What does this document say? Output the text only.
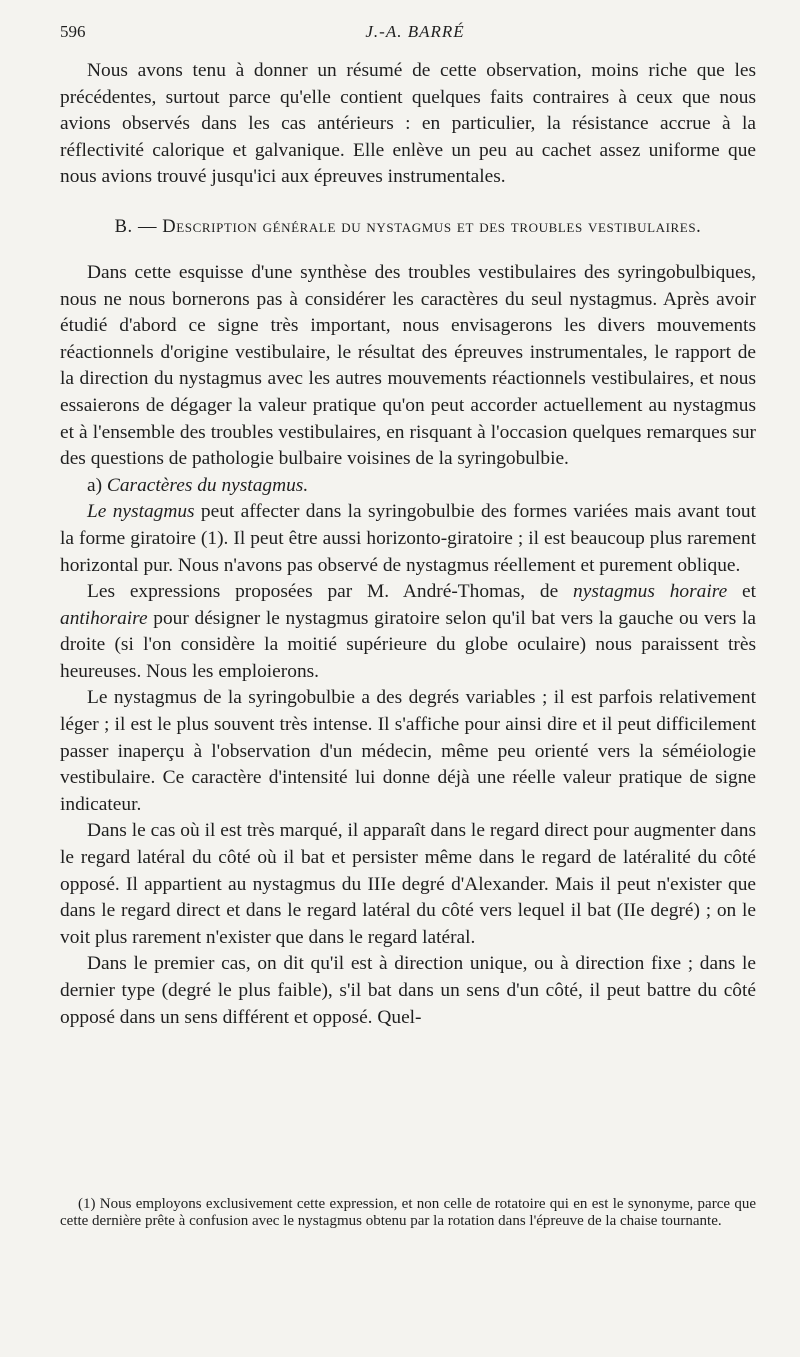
596	J.-A. BARRÉ

Nous avons tenu à donner un résumé de cette observation, moins riche que les précédentes, surtout parce qu'elle contient quelques faits contraires à ceux que nous avions observés dans les cas antérieurs : en particulier, la résistance accrue à la réflectivité calorique et galvanique. Elle enlève un peu au cachet assez uniforme que nous avions trouvé jusqu'ici aux épreuves instrumentales.

B. — Description générale du nystagmus et des troubles vestibulaires.

Dans cette esquisse d'une synthèse des troubles vestibulaires des syringobulbiques, nous ne nous bornerons pas à considérer les caractères du seul nystagmus. Après avoir étudié d'abord ce signe très important, nous envisagerons les divers mouvements réactionnels d'origine vestibulaire, le résultat des épreuves instrumentales, le rapport de la direction du nystagmus avec les autres mouvements réactionnels vestibulaires, et nous essaierons de dégager la valeur pratique qu'on peut accorder actuellement au nystagmus et à l'ensemble des troubles vestibulaires, en risquant à l'occasion quelques remarques sur des questions de pathologie bulbaire voisines de la syringobulbie.

a) Caractères du nystagmus.

Le nystagmus peut affecter dans la syringobulbie des formes variées mais avant tout la forme giratoire (1). Il peut être aussi horizonto-giratoire ; il est beaucoup plus rarement horizontal pur. Nous n'avons pas observé de nystagmus réellement et purement oblique.

Les expressions proposées par M. André-Thomas, de nystagmus horaire et antihoraire pour désigner le nystagmus giratoire selon qu'il bat vers la gauche ou vers la droite (si l'on considère la moitié supérieure du globe oculaire) nous paraissent très heureuses. Nous les emploierons.

Le nystagmus de la syringobulbie a des degrés variables ; il est parfois relativement léger ; il est le plus souvent très intense. Il s'affiche pour ainsi dire et il peut difficilement passer inaperçu à l'observation d'un médecin, même peu orienté vers la séméiologie vestibulaire. Ce caractère d'intensité lui donne déjà une réelle valeur pratique de signe indicateur.

Dans le cas où il est très marqué, il apparaît dans le regard direct pour augmenter dans le regard latéral du côté où il bat et persister même dans le regard de latéralité du côté opposé. Il appartient au nystagmus du IIIe degré d'Alexander. Mais il peut n'exister que dans le regard direct et dans le regard latéral du côté vers lequel il bat (IIe degré) ; on le voit plus rarement n'exister que dans le regard latéral.

Dans le premier cas, on dit qu'il est à direction unique, ou à direction fixe ; dans le dernier type (degré le plus faible), s'il bat dans un sens d'un côté, il peut battre du côté opposé dans un sens différent et opposé. Quel-

(1) Nous employons exclusivement cette expression, et non celle de rotatoire qui en est le synonyme, parce que cette dernière prête à confusion avec le nystagmus obtenu par la rotation dans l'épreuve de la chaise tournante.
